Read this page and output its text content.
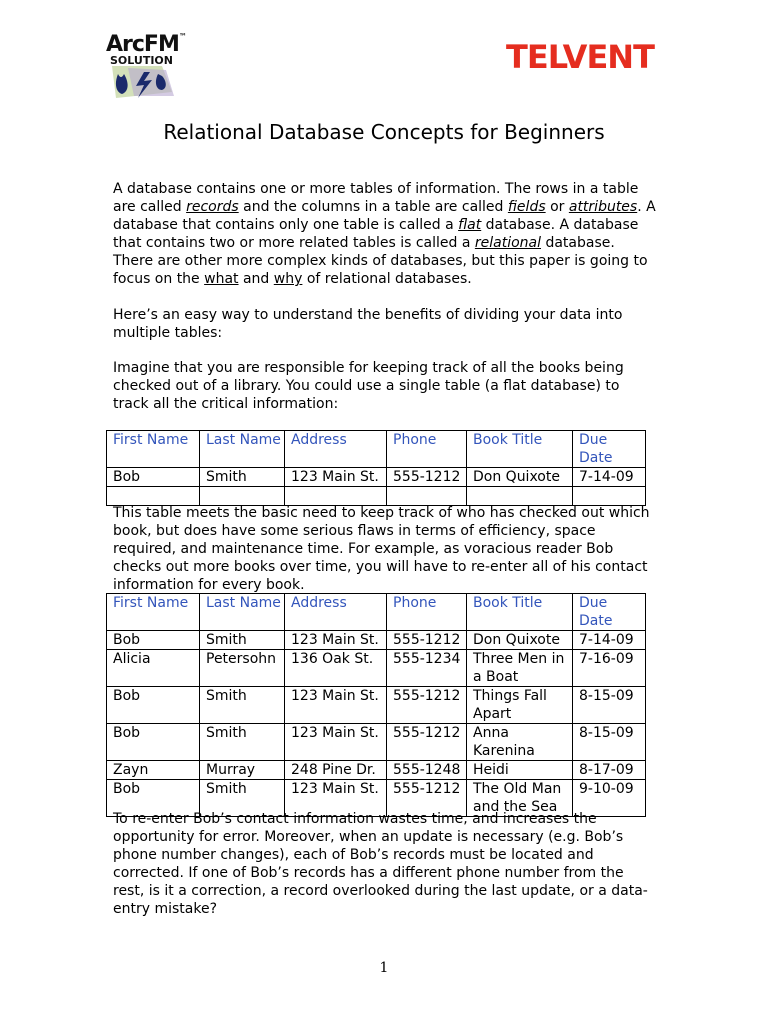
ArcFM™
SOLUTION	TELVENT
Relational Database Concepts for Beginners

A database contains one or more tables of information. The rows in a table are called records and the columns in a table are called fields or attributes. A database that contains only one table is called a flat database. A database that contains two or more related tables is called a relational database. There are other more complex kinds of databases, but this paper is going to focus on the what and why of relational databases.

Here’s an easy way to understand the benefits of dividing your data into multiple tables:

Imagine that you are responsible for keeping track of all the books being checked out of a library. You could use a single table (a flat database) to track all the critical information:

First Name	Last Name	Address	Phone	Book Title	Due Date
Bob	Smith	123 Main St.	555-1212	Don Quixote	7-14-09

This table meets the basic need to keep track of who has checked out which book, but does have some serious flaws in terms of efficiency, space required, and maintenance time. For example, as voracious reader Bob checks out more books over time, you will have to re-enter all of his contact information for every book.

First Name	Last Name	Address	Phone	Book Title	Due Date
Bob	Smith	123 Main St.	555-1212	Don Quixote	7-14-09
Alicia	Petersohn	136 Oak St.	555-1234	Three Men in a Boat	7-16-09
Bob	Smith	123 Main St.	555-1212	Things Fall Apart	8-15-09
Bob	Smith	123 Main St.	555-1212	Anna Karenina	8-15-09
Zayn	Murray	248 Pine Dr.	555-1248	Heidi	8-17-09
Bob	Smith	123 Main St.	555-1212	The Old Man and the Sea	9-10-09

To re-enter Bob’s contact information wastes time, and increases the opportunity for error. Moreover, when an update is necessary (e.g. Bob’s phone number changes), each of Bob’s records must be located and corrected. If one of Bob’s records has a different phone number from the rest, is it a correction, a record overlooked during the last update, or a data-entry mistake?

1
